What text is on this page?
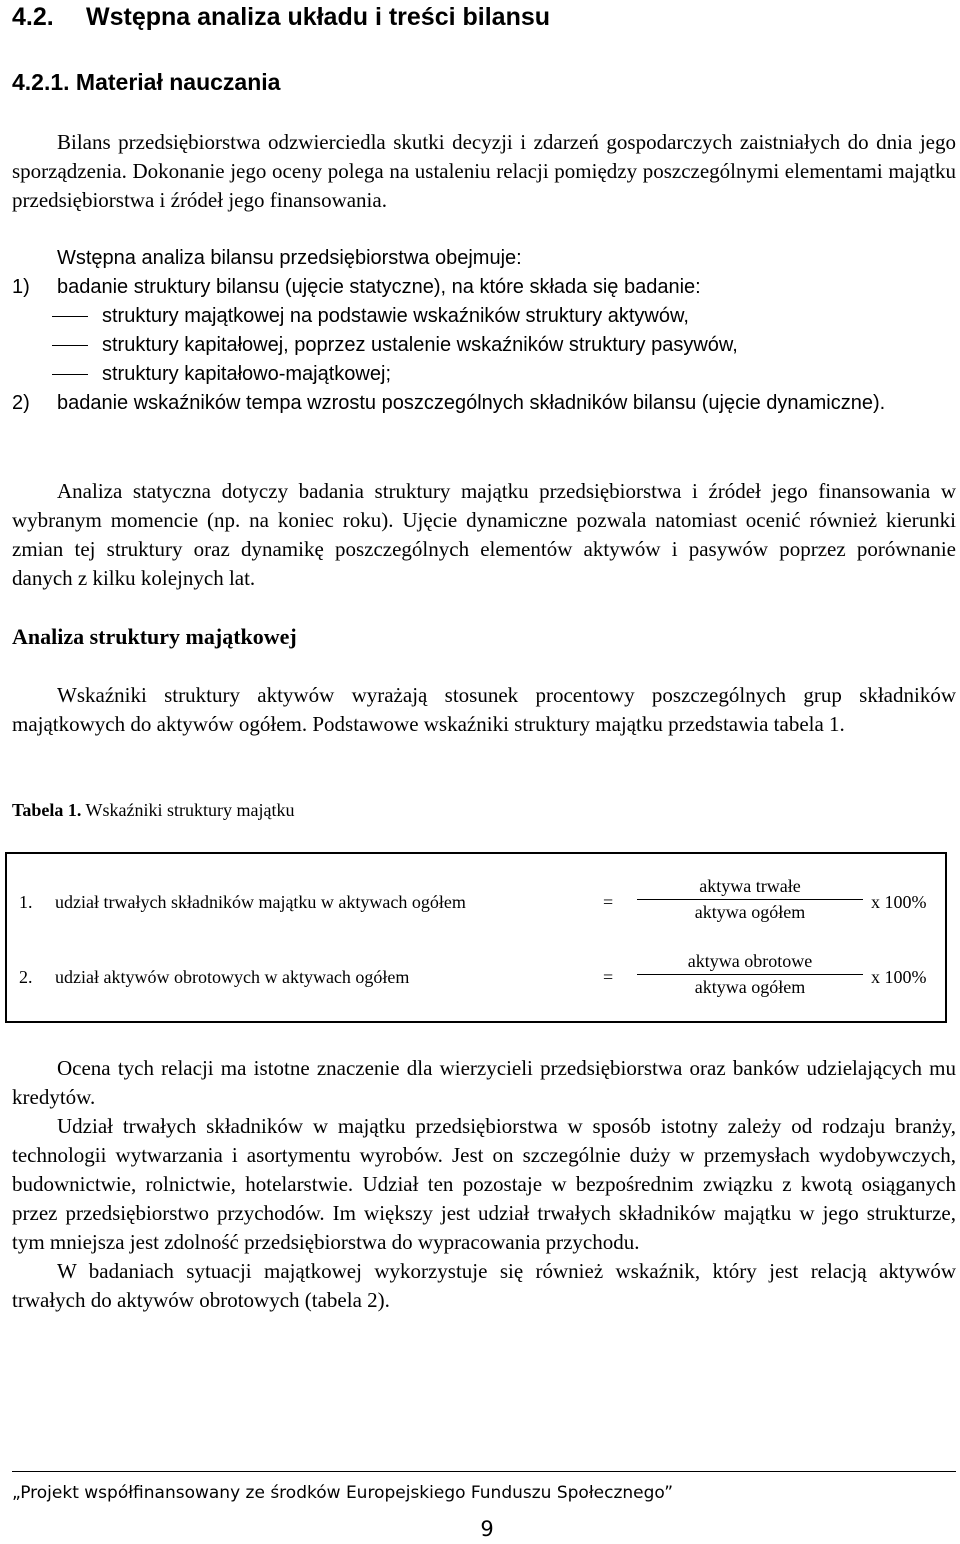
4.2. Wstępna analiza układu i treści bilansu
4.2.1. Materiał nauczania

Bilans przedsiębiorstwa odzwierciedla skutki decyzji i zdarzeń gospodarczych zaistniałych do dnia jego sporządzenia. Dokonanie jego oceny polega na ustaleniu relacji pomiędzy poszczególnymi elementami majątku przedsiębiorstwa i źródeł jego finansowania.

Wstępna analiza bilansu przedsiębiorstwa obejmuje:
1) badanie struktury bilansu (ujęcie statyczne), na które składa się badanie:
struktury majątkowej na podstawie wskaźników struktury aktywów,
struktury kapitałowej, poprzez ustalenie wskaźników struktury pasywów,
struktury kapitałowo-majątkowej;
2) badanie wskaźników tempa wzrostu poszczególnych składników bilansu (ujęcie dynamiczne).

Analiza statyczna dotyczy badania struktury majątku przedsiębiorstwa i źródeł jego finansowania w wybranym momencie (np. na koniec roku). Ujęcie dynamiczne pozwala natomiast ocenić również kierunki zmian tej struktury oraz dynamikę poszczególnych elementów aktywów i pasywów poprzez porównanie danych z kilku kolejnych lat.

Analiza struktury majątkowej

Wskaźniki struktury aktywów wyrażają stosunek procentowy poszczególnych grup składników majątkowych do aktywów ogółem. Podstawowe wskaźniki struktury majątku przedstawia tabela 1.

Tabela 1. Wskaźniki struktury majątku
1. udział trwałych składników majątku w aktywach ogółem	=
aktywa trwałe
aktywa ogółem	x 100%
2. udział aktywów obrotowych w aktywach ogółem	=
aktywa obrotowe
aktywa ogółem	x 100%

Ocena tych relacji ma istotne znaczenie dla wierzycieli przedsiębiorstwa oraz banków udzielających mu kredytów.

Udział trwałych składników w majątku przedsiębiorstwa w sposób istotny zależy od rodzaju branży, technologii wytwarzania i asortymentu wyrobów. Jest on szczególnie duży w przemysłach wydobywczych, budownictwie, rolnictwie, hotelarstwie. Udział ten pozostaje w bezpośrednim związku z kwotą osiąganych przez przedsiębiorstwo przychodów. Im większy jest udział trwałych składników majątku w jego strukturze, tym mniejsza jest zdolność przedsiębiorstwa do wypracowania przychodu.

W badaniach sytuacji majątkowej wykorzystuje się również wskaźnik, który jest relacją aktywów trwałych do aktywów obrotowych (tabela 2).

„Projekt współfinansowany ze środków Europejskiego Funduszu Społecznego”
9
